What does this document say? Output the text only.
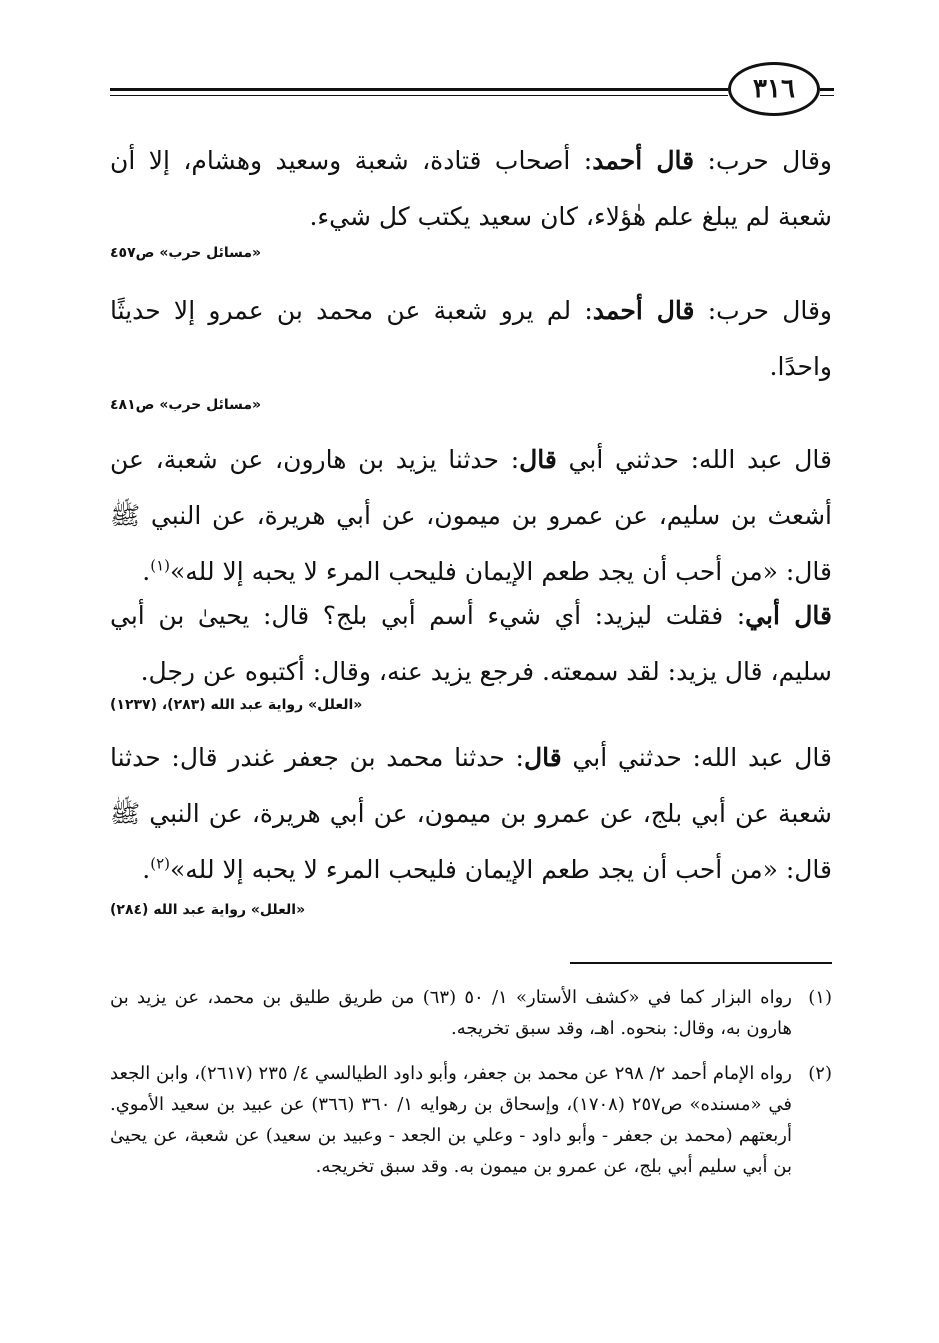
٣١٦
وقال حرب: قال أحمد: أصحاب قتادة، شعبة وسعيد وهشام، إلا أن شعبة لم يبلغ علم هٰؤلاء، كان سعيد يكتب كل شيء.
«مسائل حرب» ص٤٥٧
وقال حرب: قال أحمد: لم يرو شعبة عن محمد بن عمرو إلا حديثًا واحدًا.
«مسائل حرب» ص٤٨١
قال عبد الله: حدثني أبي قال: حدثنا يزيد بن هارون، عن شعبة، عن أشعث بن سليم، عن عمرو بن ميمون، عن أبي هريرة، عن النبي ﷺ قال: «من أحب أن يجد طعم الإيمان فليحب المرء لا يحبه إلا لله»$^{(١)}$.
قال أبي: فقلت ليزيد: أي شيء أسم أبي بلج؟ قال: يحيىٰ بن أبي سليم، قال يزيد: لقد سمعته. فرجع يزيد عنه، وقال: أكتبوه عن رجل.
«العلل» رواية عبد الله (٢٨٣)، (١٢٣٧)
قال عبد الله: حدثني أبي قال: حدثنا محمد بن جعفر غندر قال: حدثنا شعبة عن أبي بلج، عن عمرو بن ميمون، عن أبي هريرة، عن النبي ﷺ قال: «من أحب أن يجد طعم الإيمان فليحب المرء لا يحبه إلا لله»$^{(٢)}$.
«العلل» رواية عبد الله (٢٨٤)
(١)
رواه البزار كما في «كشف الأستار» ١/ ٥٠ (٦٣) من طريق طليق بن محمد، عن يزيد بن هارون به، وقال: بنحوه. اهـ، وقد سبق تخريجه.
(٢)
رواه الإمام أحمد ٢/ ٢٩٨ عن محمد بن جعفر، وأبو داود الطيالسي ٤/ ٢٣٥ (٢٦١٧)، وابن الجعد في «مسنده» ص٢٥٧ (١٧٠٨)، وإسحاق بن رهوايه ١/ ٣٦٠ (٣٦٦) عن عبيد بن سعيد الأموي. أربعتهم (محمد بن جعفر - وأبو داود - وعلي بن الجعد - وعبيد بن سعيد) عن شعبة، عن يحيىٰ بن أبي سليم أبي بلج، عن عمرو بن ميمون به. وقد سبق تخريجه.
